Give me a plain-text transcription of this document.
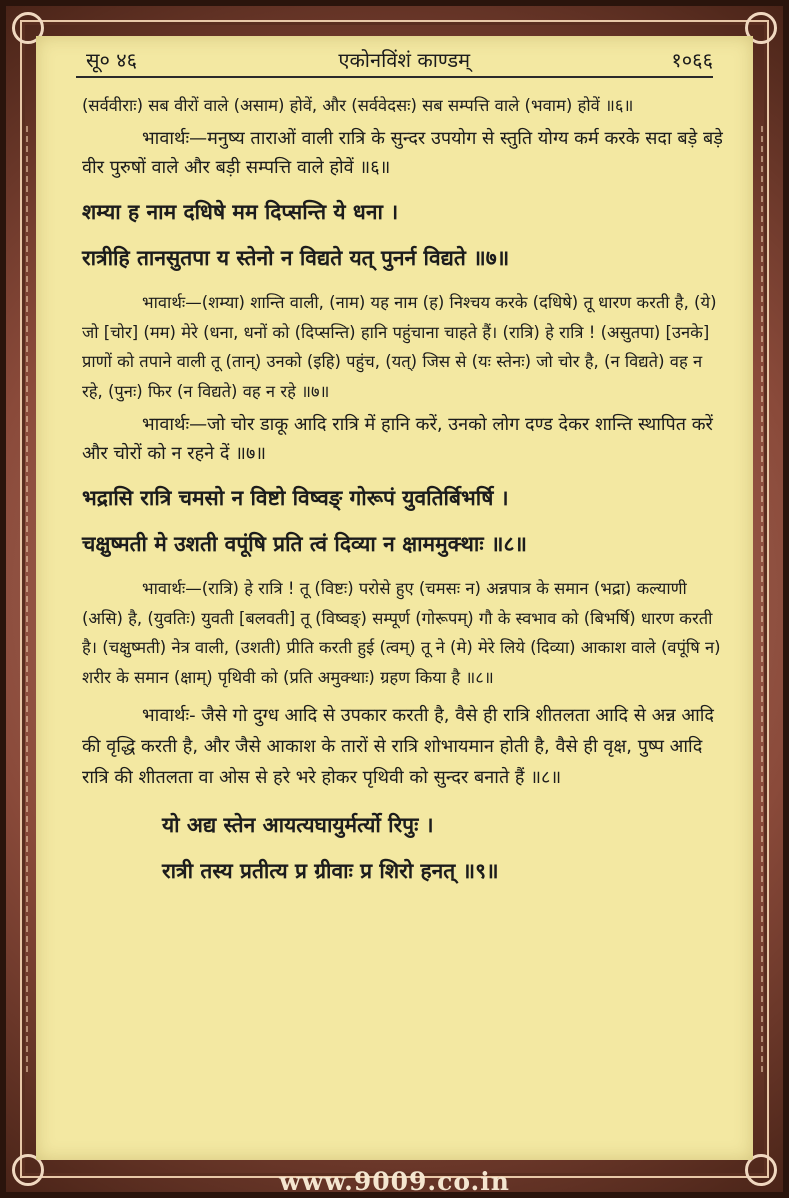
सू० ४६	एकोनविंशं काण्डम्	१०६६

(सर्ववीराः) सब वीरों वाले (असाम) होवें, और (सर्ववेदसः) सब सम्पत्ति वाले (भवाम) होवें ॥६॥

भावार्थः—मनुष्य ताराओं वाली रात्रि के सुन्दर उपयोग से स्तुति योग्य कर्म करके सदा बड़े बड़े वीर पुरुषों वाले और बड़ी सम्पत्ति वाले होवें ॥६॥

शम्या ह नाम दधिषे मम दिप्सन्ति ये धना ।

रात्रीहि तानसुतपा य स्तेनो न विद्यते यत् पुनर्न विद्यते ॥७॥

भावार्थः—(शम्या) शान्ति वाली, (नाम) यह नाम (ह) निश्चय करके (दधिषे) तू धारण करती है, (ये) जो [चोर] (मम) मेरे (धना, धनों को (दिप्सन्ति) हानि पहुंचाना चाहते हैं। (रात्रि) हे रात्रि ! (असुतपा) [उनके] प्राणों को तपाने वाली तू (तान्) उनको (इहि) पहुंच, (यत्) जिस से (यः स्तेनः) जो चोर है, (न विद्यते) वह न रहे, (पुनः) फिर (न विद्यते) वह न रहे ॥७॥

भावार्थः—जो चोर डाकू आदि रात्रि में हानि करें, उनको लोग दण्ड देकर शान्ति स्थापित करें और चोरों को न रहने दें ॥७॥

भद्रासि रात्रि चमसो न विष्टो विष्वङ् गोरूपं युवतिर्बिभर्षि ।

चक्षुष्मती मे उशती वपूंषि प्रति त्वं दिव्या न क्षाममुक्थाः ॥८॥

भावार्थः—(रात्रि) हे रात्रि ! तू (विष्टः) परोसे हुए (चमसः न) अन्नपात्र के समान (भद्रा) कल्याणी (असि) है, (युवतिः) युवती [बलवती] तू (विष्वङ्) सम्पूर्ण (गोरूपम्) गौ के स्वभाव को (बिभर्षि) धारण करती है। (चक्षुष्मती) नेत्र वाली, (उशती) प्रीति करती हुई (त्वम्) तू ने (मे) मेरे लिये (दिव्या) आकाश वाले (वपूंषि न) शरीर के समान (क्षाम्) पृथिवी को (प्रति अमुक्थाः) ग्रहण किया है ॥८॥

भावार्थः- जैसे गो दुग्ध आदि से उपकार करती है, वैसे ही रात्रि शीतलता आदि से अन्न आदि की वृद्धि करती है, और जैसे आकाश के तारों से रात्रि शोभायमान होती है, वैसे ही वृक्ष, पुष्प आदि रात्रि की शीतलता वा ओस से हरे भरे होकर पृथिवी को सुन्दर बनाते हैं ॥८॥

यो अद्य स्तेन आयत्यघायुर्मर्त्यो रिपुः ।

रात्री तस्य प्रतीत्य प्र ग्रीवाः प्र शिरो हनत् ॥९॥

www.9009.co.in
